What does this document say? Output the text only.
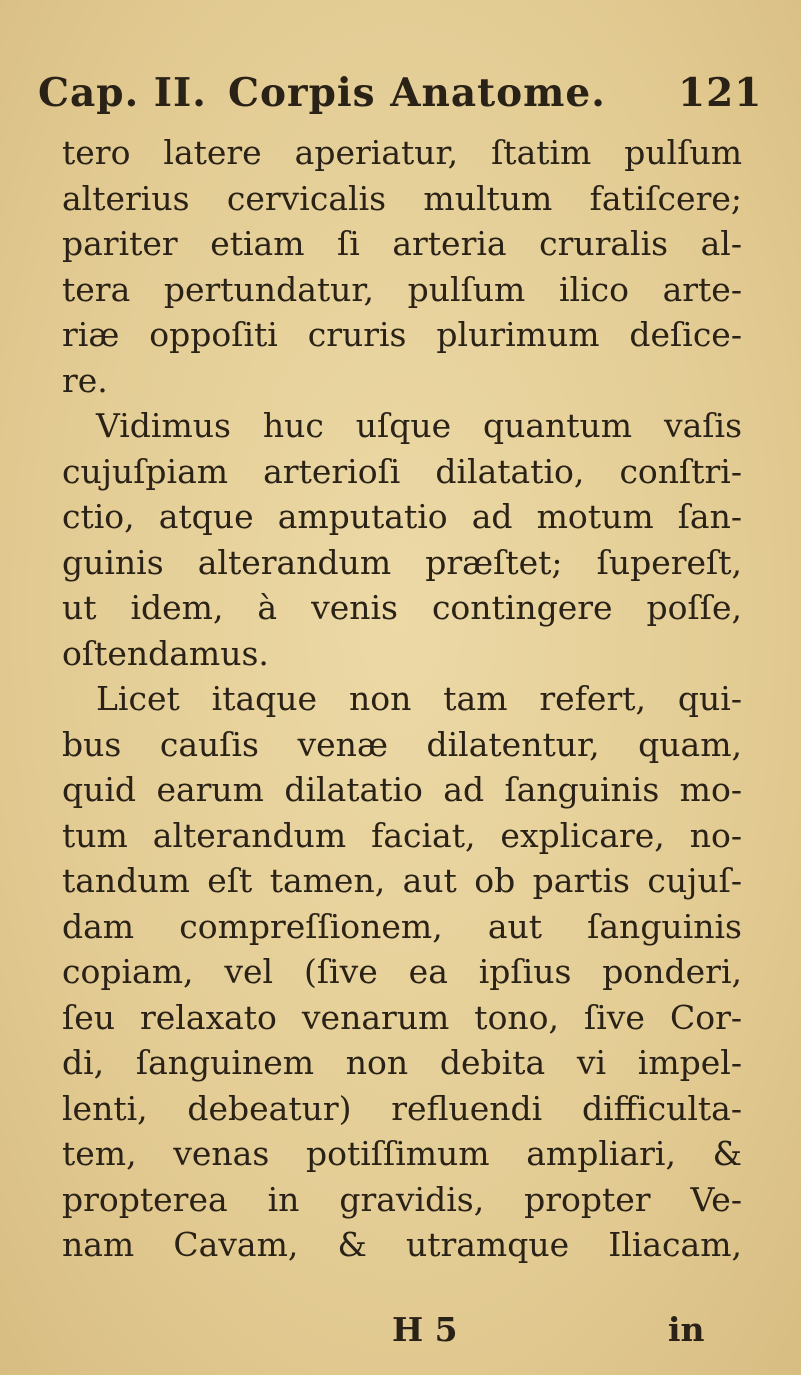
Cap. II. Corpis Anatome. 121
tero latere aperiatur, ſtatim pulſum
alterius cervicalis multum fatiſcere;
pariter etiam ſi arteria cruralis al-
tera pertundatur, pulſum ilico arte-
riæ oppoſiti cruris plurimum deſice-
re.
Vidimus huc uſque quantum vaſis
cujuſpiam arterioſi dilatatio, conſtri-
ctio, atque amputatio ad motum ſan-
guinis alterandum præſtet; ſupereſt,
ut idem, à venis contingere poſſe,
oſtendamus.
Licet itaque non tam refert, qui-
bus cauſis venæ dilatentur, quam,
quid earum dilatatio ad ſanguinis mo-
tum alterandum faciat, explicare, no-
tandum eſt tamen, aut ob partis cujuſ-
dam compreſſionem, aut ſanguinis
copiam, vel (ſive ea ipſius ponderi,
ſeu relaxato venarum tono, ſive Cor-
di, ſanguinem non debita vi impel-
lenti, debeatur) refluendi difficulta-
tem, venas potiſſimum ampliari, &
propterea in gravidis, propter Ve-
nam Cavam, & utramque Iliacam,
H 5	in
